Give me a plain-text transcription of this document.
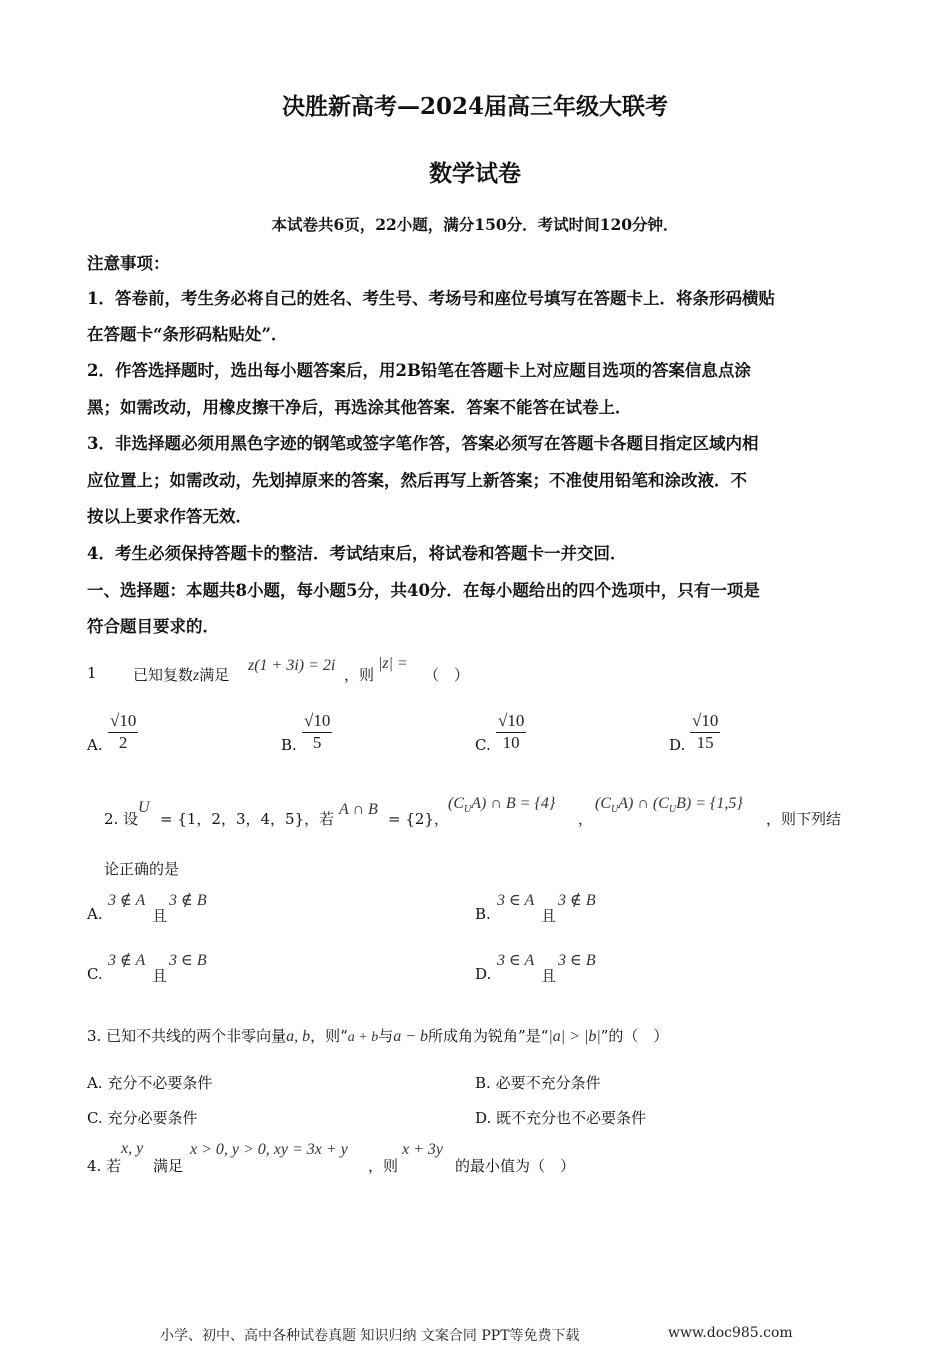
决胜新高考—2024届高三年级大联考
数学试卷
本试卷共6页，22小题，满分150分．考试时间120分钟．
注意事项：
1．答卷前，考生务必将自己的姓名、考生号、考场号和座位号填写在答题卡上．将条形码横贴
在答题卡“条形码粘贴处”．
2．作答选择题时，选出每小题答案后，用2B铅笔在答题卡上对应题目选项的答案信息点涂
黑；如需改动，用橡皮擦干净后，再选涂其他答案．答案不能答在试卷上．
3．非选择题必须用黑色字迹的钢笔或签字笔作答，答案必须写在答题卡各题目指定区域内相
应位置上；如需改动，先划掉原来的答案，然后再写上新答案；不准使用铅笔和涂改液．不
按以上要求作答无效．
4．考生必须保持答题卡的整洁．考试结束后，将试卷和答题卡一并交回．
一、选择题：本题共8小题，每小题5分，共40分．在每小题给出的四个选项中，只有一项是
符合题目要求的．
1 已知复数z满足
z(1 + 3i) = 2i
，则
|z| =
（　）
A. $\frac{√10}{2}$	B. $\frac{√10}{5}$	C. $\frac{√10}{10}$	D. $\frac{√10}{15}$
2. 设
U
= {1，2，3，4，5}，若
A ∩ B
= {2}，
$(C_UA)$ ∩ B = {4}
，
$(C_UA)$ ∩ $(C_UB) = \{1,5\}$
，则下列结
论正确的是
A.
3 ∉ A
且
3 ∉ B
B.
3 ∈ A
且
3 ∉ B
C.
3 ∉ A
且
3 ∈ B
D.
3 ∈ A
且
3 ∈ B
3. 已知不共线的两个非零向量a, b，则“a + b与a − b所成角为锐角”是“|a| > |b|”的（　）
A. 充分不必要条件	B. 必要不充分条件
C. 充分必要条件	D. 既不充分也不必要条件
4. 若
x, y
满足
x > 0, y > 0, xy = 3x + y
，则
x + 3y
的最小值为（　）
小学、初中、高中各种试卷真题 知识归纳 文案合同 PPT等免费下载	www.doc985.com
